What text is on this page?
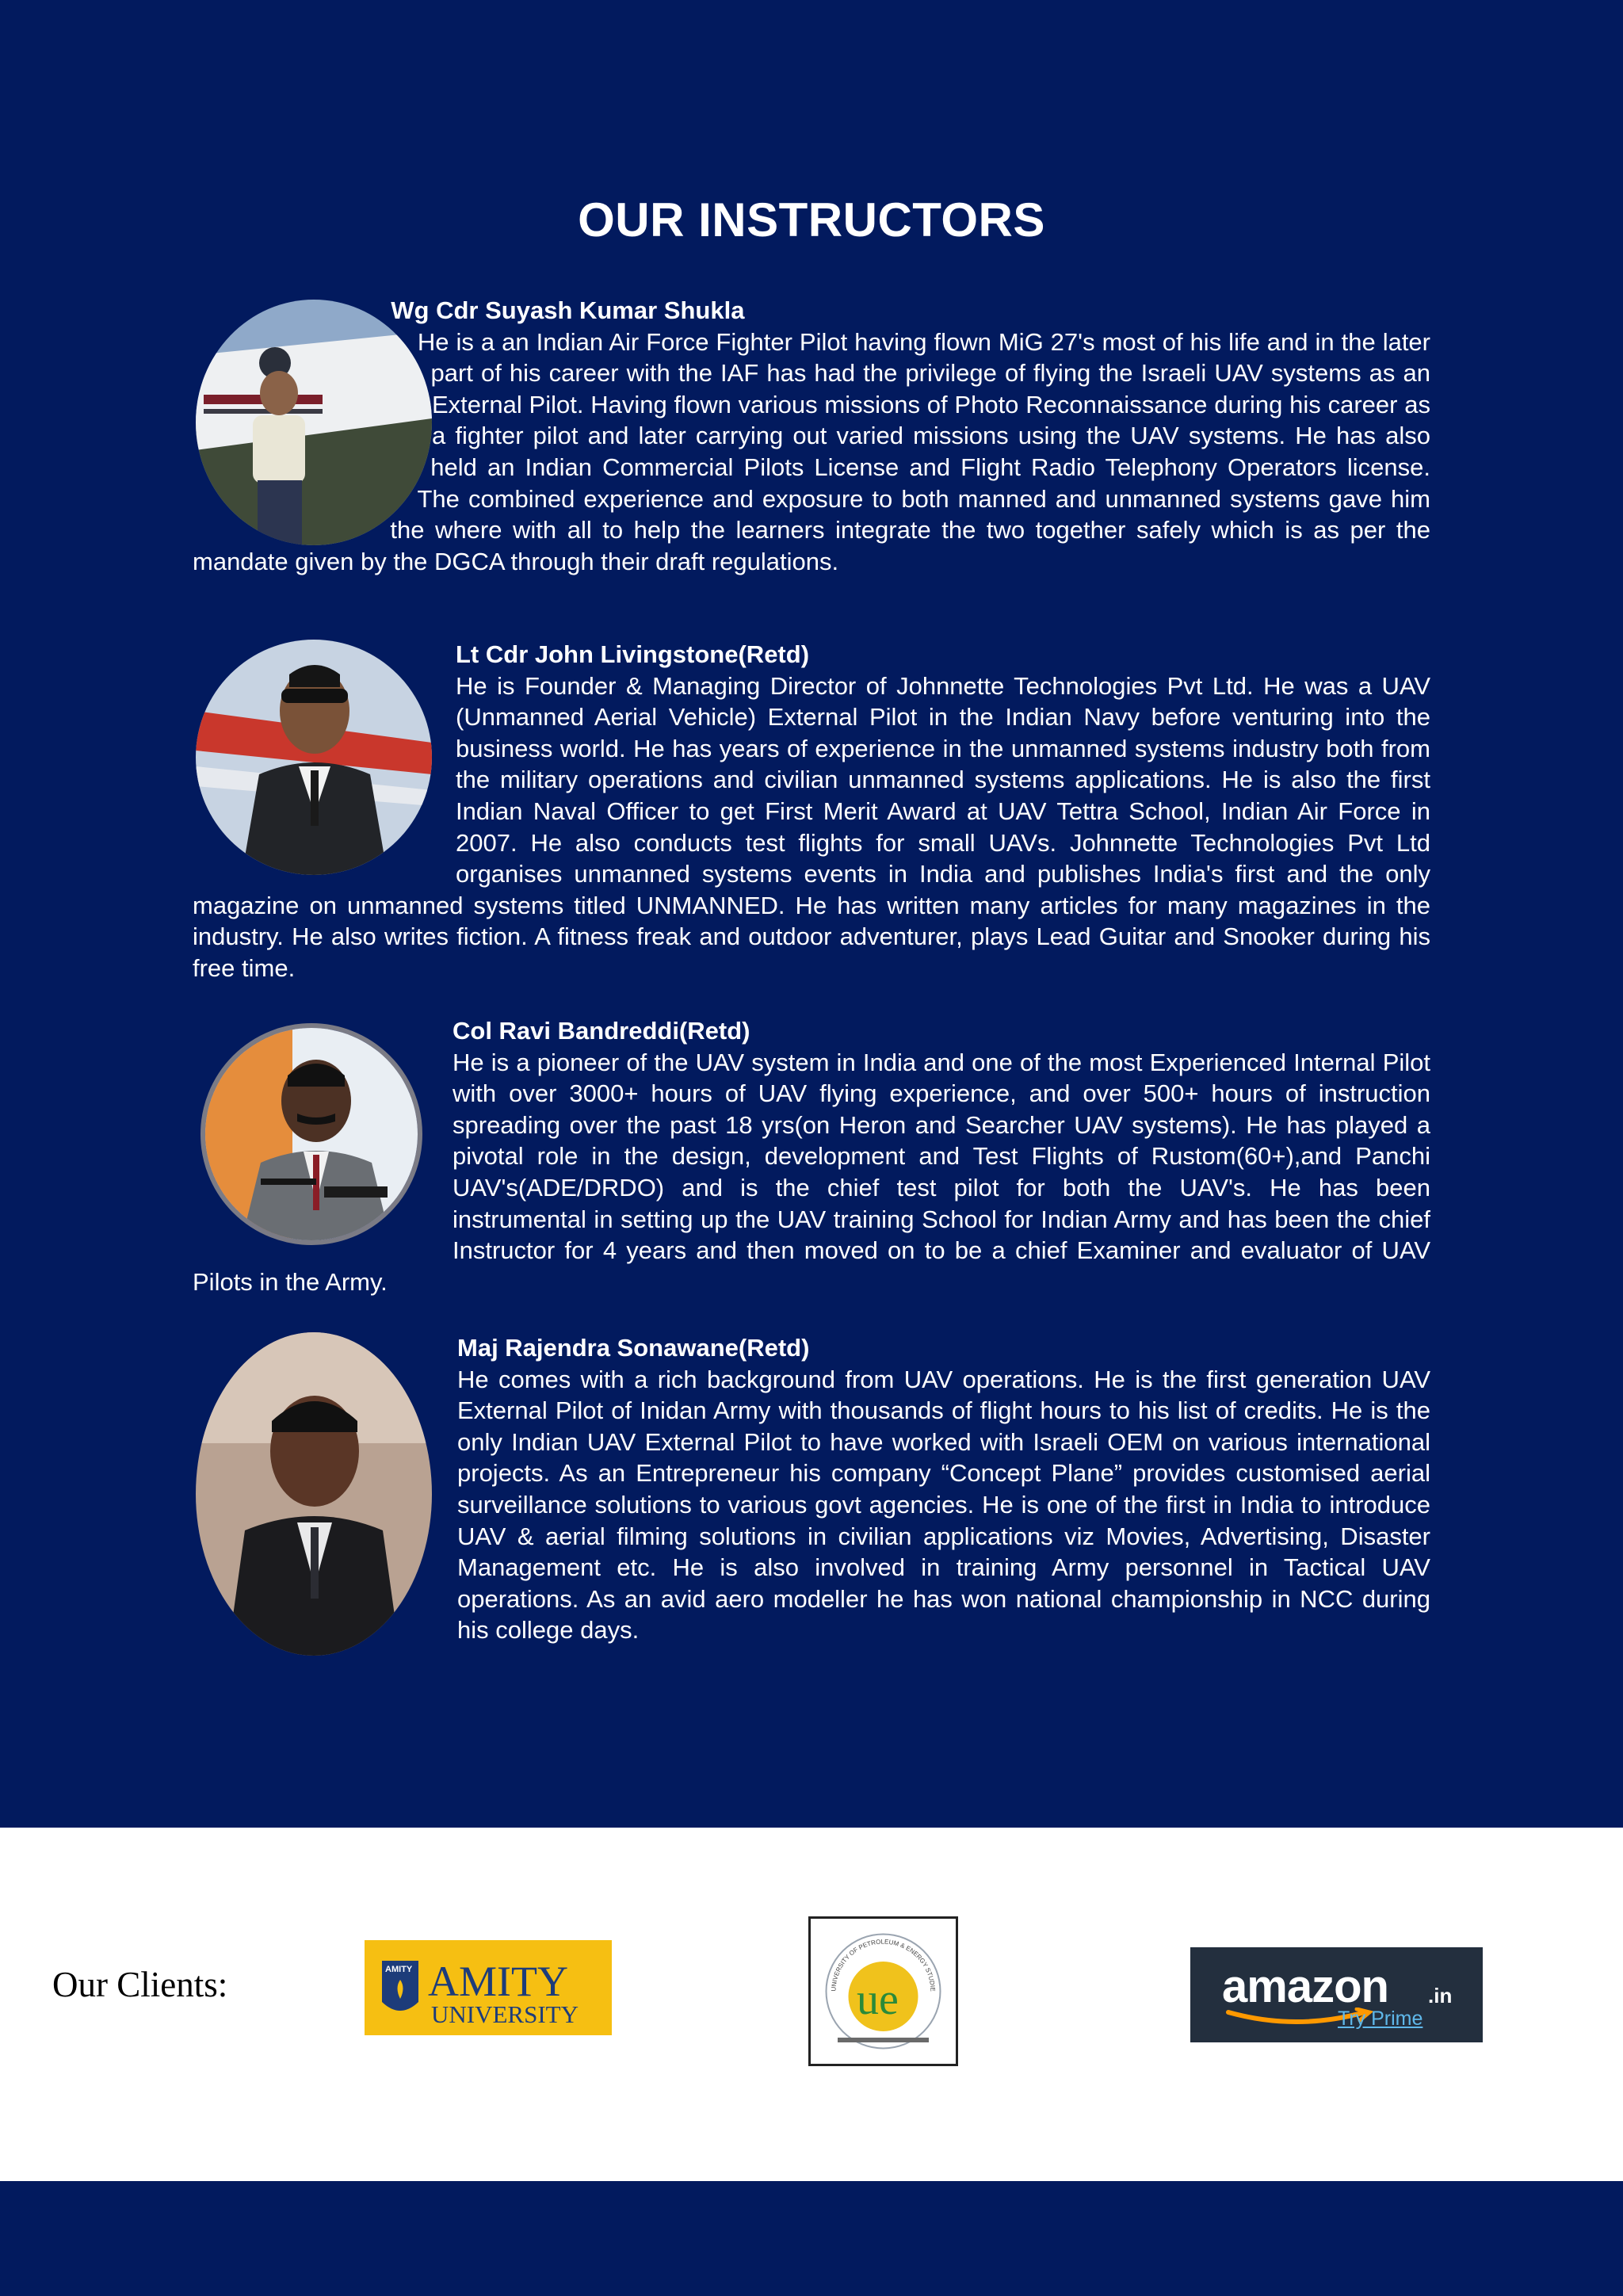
OUR INSTRUCTORS

Wg Cdr Suyash Kumar Shukla
He is a an Indian Air Force Fighter Pilot having flown MiG 27's most of his life and in the later part of his career with the IAF has had the privilege of flying the Israeli UAV systems as an External Pilot. Having flown various missions of Photo Reconnaissance during his career as a fighter pilot and later carrying out varied missions using the UAV systems. He has also held an Indian Commercial Pilots License and Flight Radio Telephony Operators license. The combined experience and exposure to both manned and unmanned systems gave him the where with all to help the learners integrate the two together safely which is as per the mandate given by the DGCA through their draft regulations.

Lt Cdr John Livingstone(Retd)
He is Founder & Managing Director of Johnnette Technologies Pvt Ltd. He was a UAV (Unmanned Aerial Vehicle) External Pilot in the Indian Navy before venturing into the business world. He has years of experience in the unmanned systems industry both from the military operations and civilian unmanned systems applications. He is also the first Indian Naval Officer to get First Merit Award at UAV Tettra School, Indian Air Force in 2007. He also conducts test flights for small UAVs. Johnnette Technologies Pvt Ltd organises unmanned systems events in India and publishes India's first and the only magazine on unmanned systems titled UNMANNED. He has written many articles for many magazines in the industry. He also writes fiction. A fitness freak and outdoor adventurer, plays Lead Guitar and Snooker during his free time.

Col Ravi Bandreddi(Retd)
He is a pioneer of the UAV system in India and one of the most Experienced Internal Pilot with over 3000+ hours of UAV flying experience, and over 500+ hours of instruction spreading over the past 18 yrs(on Heron and Searcher UAV systems). He has played a pivotal role in the design, development and Test Flights of Rustom(60+),and Panchi UAV's(ADE/DRDO) and is the chief test pilot for both the UAV's. He has been instrumental in setting up the UAV training School for Indian Army and has been the chief Instructor for 4 years and then moved on to be a chief Examiner and evaluator of UAV Pilots in the Army.

Maj Rajendra Sonawane(Retd)
He comes with a rich background from UAV operations. He is the first generation UAV External Pilot of Inidan Army with thousands of flight hours to his list of credits. He is the only Indian UAV External Pilot to have worked with Israeli OEM on various international projects. As an Entrepreneur his company “Concept Plane” provides customised aerial surveillance solutions to various govt agencies. He is one of the first in India to introduce UAV & aerial filming solutions in civilian applications viz Movies, Advertising, Disaster Management etc. He is also involved in training Army personnel in Tactical UAV operations. As an avid aero modeller he has won national championship in NCC during his college days.

Our Clients:	AMITY AMITY
UNIVERSITY
UNIVERSITY OF PETROLEUM & ENERGY STUDIE
ue	amazon .in
Try Prime
